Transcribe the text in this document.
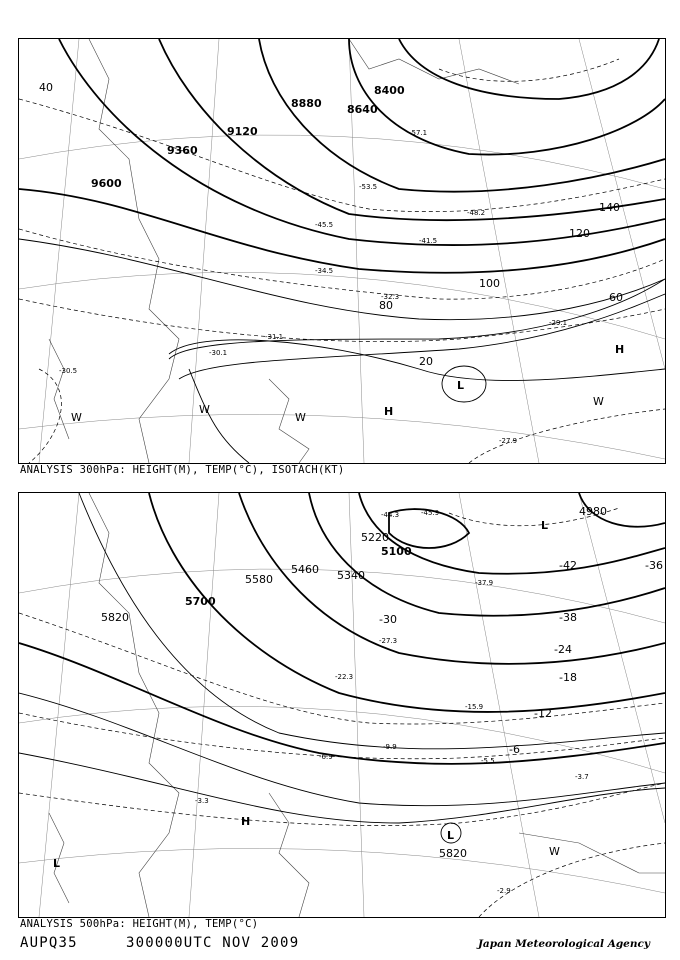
9600
9360
9120
8880 8640
8400
40
60
80
100
120
140
20
-30.1
-30.5
-31.1
-32.3
-34.5
-41.5
-45.5
-48.2
-53.5
-57.1
-27.9
-29.1
H
H
L
W
W
W
W
ANALYSIS 300hPa: HEIGHT(M), TEMP(°C), ISOTACH(KT)
5820
5700
5580
5460 5340
5220
5100
4980
5820
-42
-38
-30
-24
-18
-12
-6
-36
-44.3	-45.9
-37.9
-27.3
-22.3
-15.9
-9.9
-6.9	-5.5
-3.7
-2.9
-3.3
H
L
L
W
L
ANALYSIS 500hPa: HEIGHT(M), TEMP(°C)
AUPQ35	300000UTC NOV 2009	Japan Meteorological Agency
